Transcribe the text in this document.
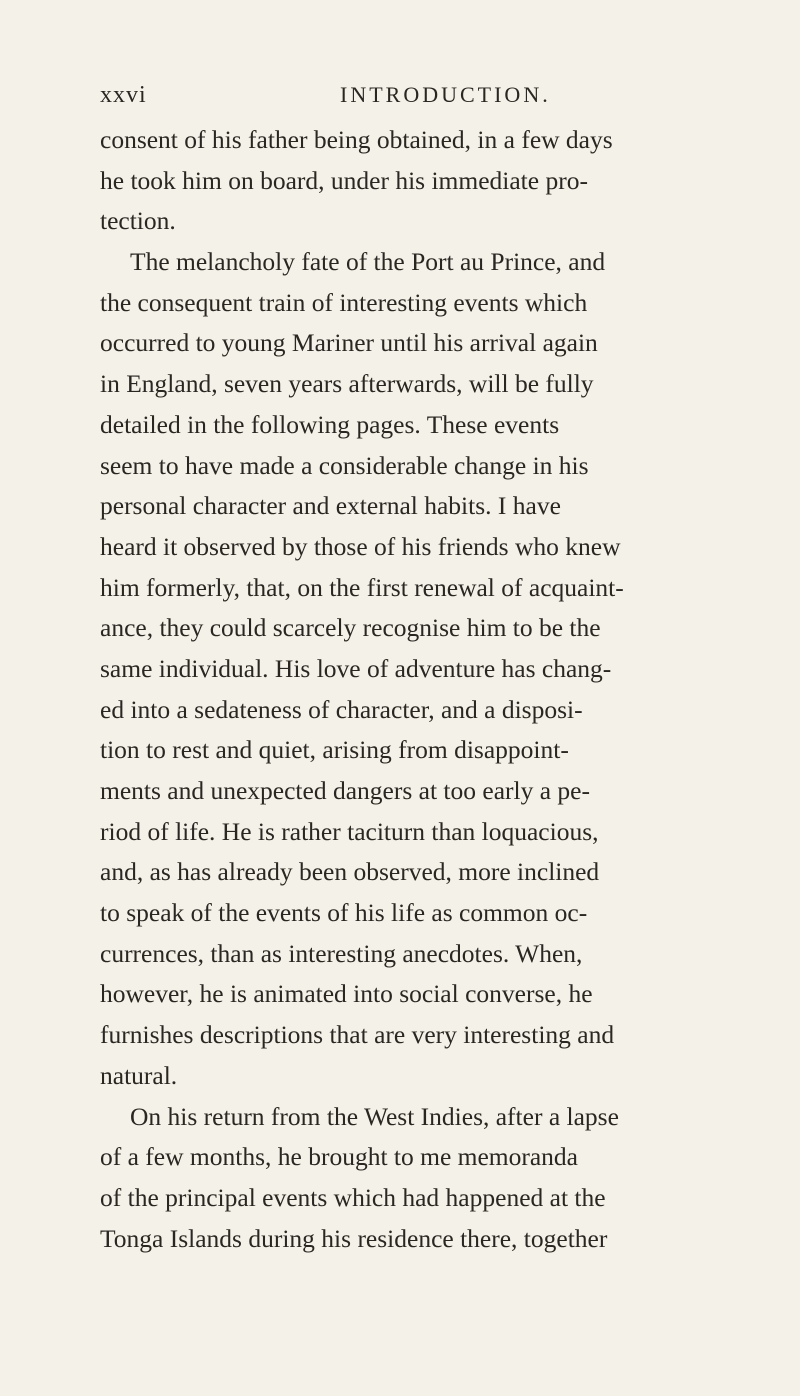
xxvi	INTRODUCTION.
consent of his father being obtained, in a few days
he took him on board, under his immediate pro-
tection.
The melancholy fate of the Port au Prince, and
the consequent train of interesting events which
occurred to young Mariner until his arrival again
in England, seven years afterwards, will be fully
detailed in the following pages. These events
seem to have made a considerable change in his
personal character and external habits. I have
heard it observed by those of his friends who knew
him formerly, that, on the first renewal of acquaint-
ance, they could scarcely recognise him to be the
same individual. His love of adventure has chang-
ed into a sedateness of character, and a disposi-
tion to rest and quiet, arising from disappoint-
ments and unexpected dangers at too early a pe-
riod of life. He is rather taciturn than loquacious,
and, as has already been observed, more inclined
to speak of the events of his life as common oc-
currences, than as interesting anecdotes. When,
however, he is animated into social converse, he
furnishes descriptions that are very interesting and
natural.
On his return from the West Indies, after a lapse
of a few months, he brought to me memoranda
of the principal events which had happened at the
Tonga Islands during his residence there, together
